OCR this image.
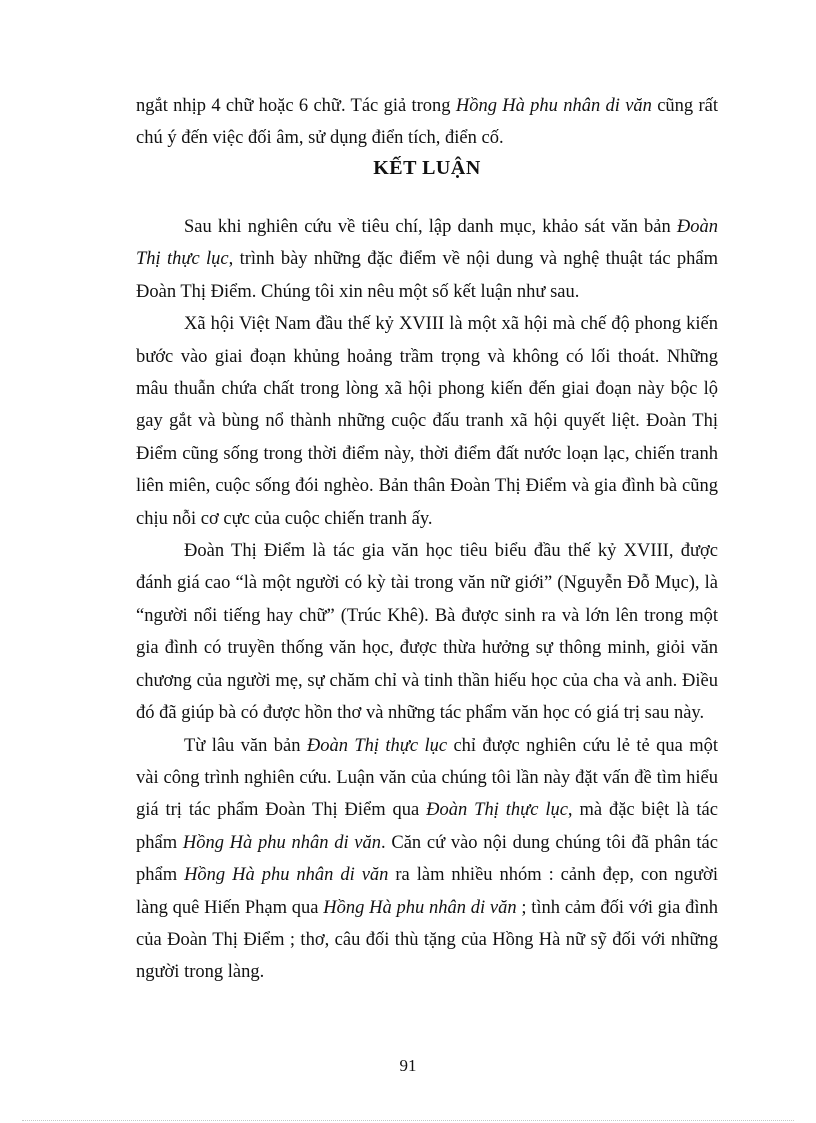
ngắt nhịp 4 chữ hoặc 6 chữ. Tác giả trong Hồng Hà phu nhân di văn cũng rất chú ý đến việc đối âm, sử dụng điển tích, điển cố.

KẾT LUẬN

Sau khi nghiên cứu về tiêu chí, lập danh mục, khảo sát văn bản Đoàn Thị thực lục, trình bày những đặc điểm về nội dung và nghệ thuật tác phẩm Đoàn Thị Điểm. Chúng tôi xin nêu một số kết luận như sau.

Xã hội Việt Nam đầu thế kỷ XVIII là một xã hội mà chế độ phong kiến bước vào giai đoạn khủng hoảng trầm trọng và không có lối thoát. Những mâu thuẫn chứa chất trong lòng xã hội phong kiến đến giai đoạn này bộc lộ gay gắt và bùng nổ thành những cuộc đấu tranh xã hội quyết liệt. Đoàn Thị Điểm cũng sống trong thời điểm này, thời điểm đất nước loạn lạc, chiến tranh liên miên, cuộc sống đói nghèo. Bản thân Đoàn Thị Điểm và gia đình bà cũng chịu nỗi cơ cực của cuộc chiến tranh ấy.

Đoàn Thị Điểm là tác gia văn học tiêu biểu đầu thế kỷ XVIII, được đánh giá cao “là một người có kỳ tài trong văn nữ giới” (Nguyễn Đỗ Mục), là “người nổi tiếng hay chữ” (Trúc Khê). Bà được sinh ra và lớn lên trong một gia đình có truyền thống văn học, được thừa hưởng sự thông minh, giỏi văn chương của người mẹ, sự chăm chỉ và tinh thần hiếu học của cha và anh. Điều đó đã giúp bà có được hồn thơ và những tác phẩm văn học có giá trị sau này.

Từ lâu văn bản Đoàn Thị thực lục chỉ được nghiên cứu lẻ tẻ qua một vài công trình nghiên cứu. Luận văn của chúng tôi lần này đặt vấn đề tìm hiểu giá trị tác phẩm Đoàn Thị Điểm qua Đoàn Thị thực lục, mà đặc biệt là tác phẩm Hồng Hà phu nhân di văn. Căn cứ vào nội dung chúng tôi đã phân tác phẩm Hồng Hà phu nhân di văn ra làm nhiều nhóm : cảnh đẹp, con người làng quê Hiến Phạm qua Hồng Hà phu nhân di văn ; tình cảm đối với gia đình của Đoàn Thị Điểm ; thơ, câu đối thù tặng của Hồng Hà nữ sỹ đối với những người trong làng.

91
